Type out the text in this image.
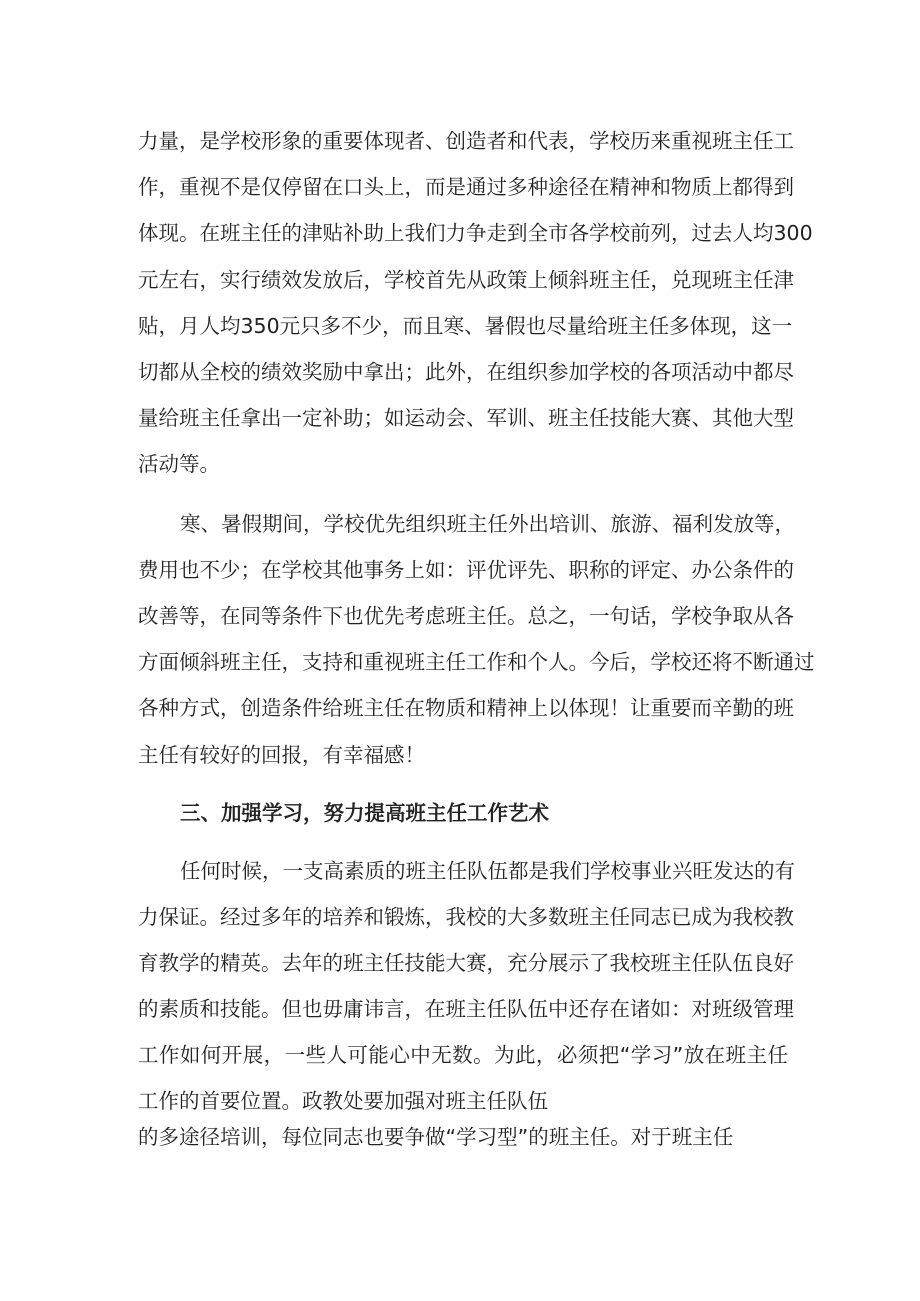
力量，是学校形象的重要体现者、创造者和代表，学校历来重视班主任工
作，重视不是仅停留在口头上，而是通过多种途径在精神和物质上都得到
体现。在班主任的津贴补助上我们力争走到全市各学校前列，过去人均300
元左右，实行绩效发放后，学校首先从政策上倾斜班主任，兑现班主任津
贴，月人均350元只多不少，而且寒、暑假也尽量给班主任多体现，这一
切都从全校的绩效奖励中拿出；此外，在组织参加学校的各项活动中都尽
量给班主任拿出一定补助；如运动会、军训、班主任技能大赛、其他大型
活动等。
寒、暑假期间，学校优先组织班主任外出培训、旅游、福利发放等，
费用也不少；在学校其他事务上如：评优评先、职称的评定、办公条件的
改善等，在同等条件下也优先考虑班主任。总之，一句话，学校争取从各
方面倾斜班主任，支持和重视班主任工作和个人。今后，学校还将不断通过
各种方式，创造条件给班主任在物质和精神上以体现！让重要而辛勤的班
主任有较好的回报，有幸福感！
三、加强学习，努力提高班主任工作艺术
任何时候，一支高素质的班主任队伍都是我们学校事业兴旺发达的有
力保证。经过多年的培养和锻炼，我校的大多数班主任同志已成为我校教
育教学的精英。去年的班主任技能大赛，充分展示了我校班主任队伍良好
的素质和技能。但也毋庸讳言，在班主任队伍中还存在诸如：对班级管理
工作如何开展，一些人可能心中无数。为此，必须把“学习”放在班主任
工作的首要位置。政教处要加强对班主任队伍
的多途径培训，每位同志也要争做“学习型”的班主任。对于班主任
